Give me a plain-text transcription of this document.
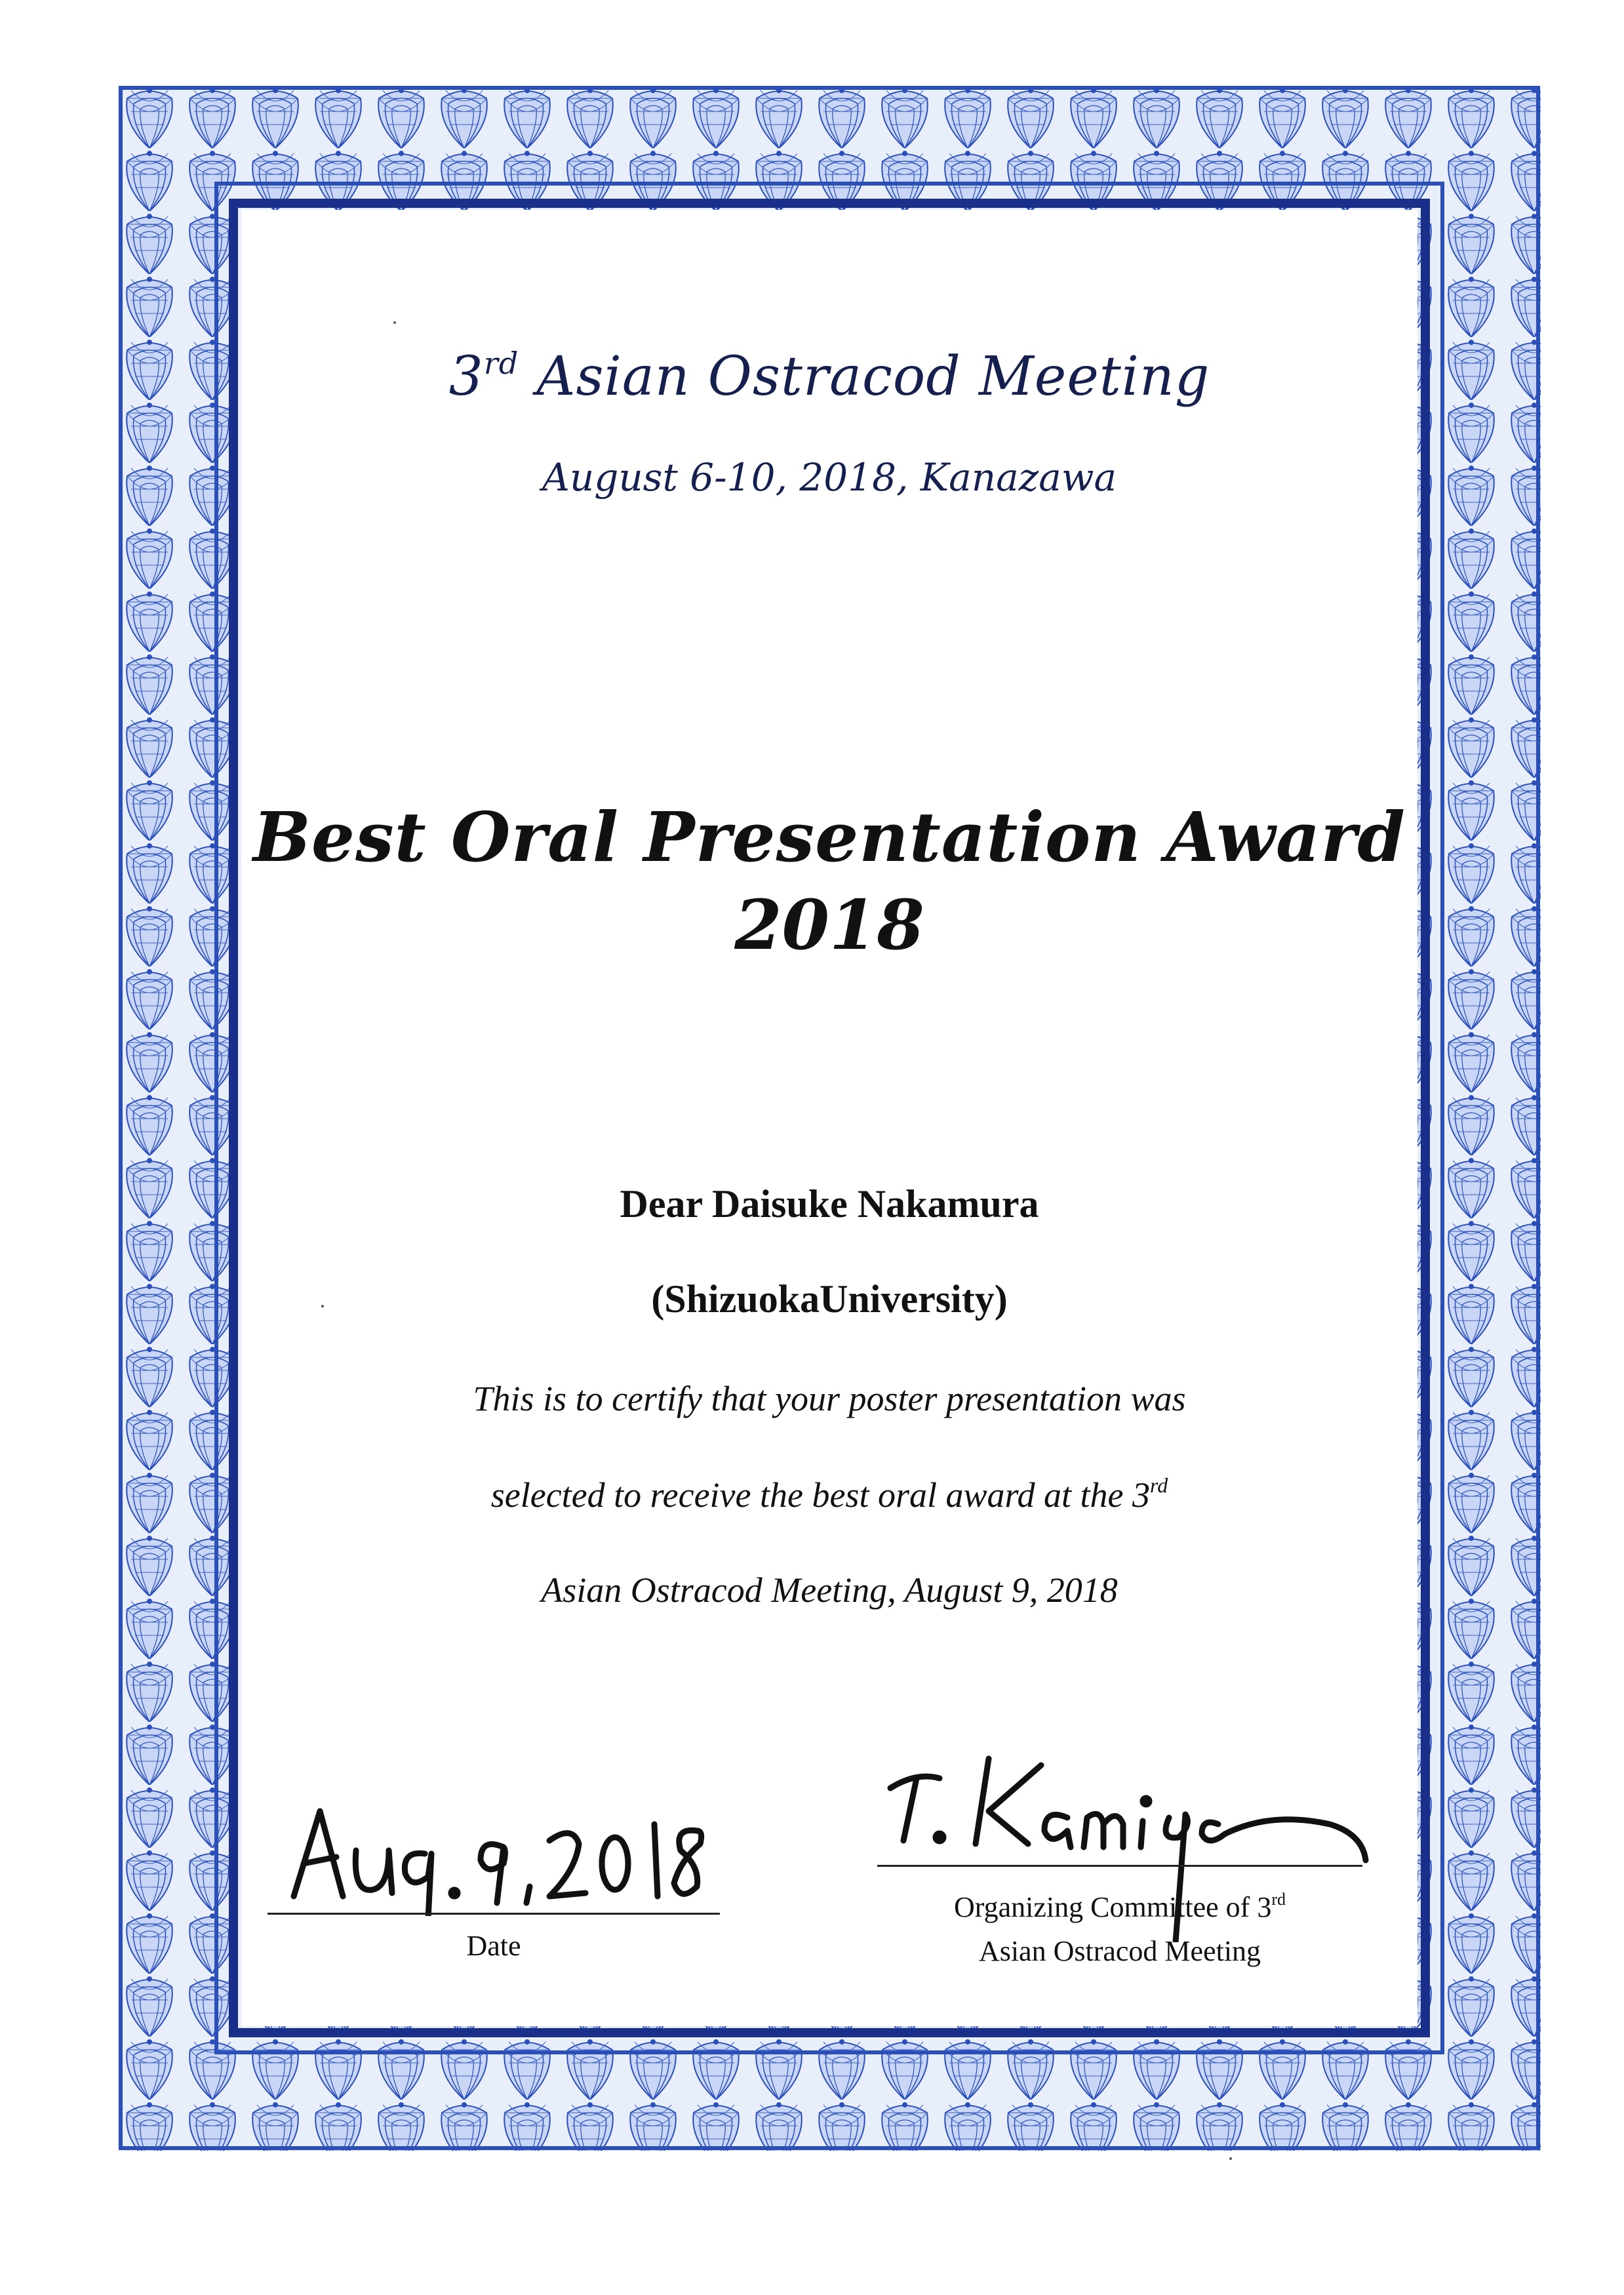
3rd Asian Ostracod Meeting
August 6-10, 2018, Kanazawa
Best Oral Presentation Award
2018
Dear Daisuke Nakamura
(ShizuokaUniversity)
This is to certify that your poster presentation was
selected to receive the best oral award at the 3rd
Asian Ostracod Meeting, August 9, 2018
Date
Organizing Committee of 3rd
Asian Ostracod Meeting
